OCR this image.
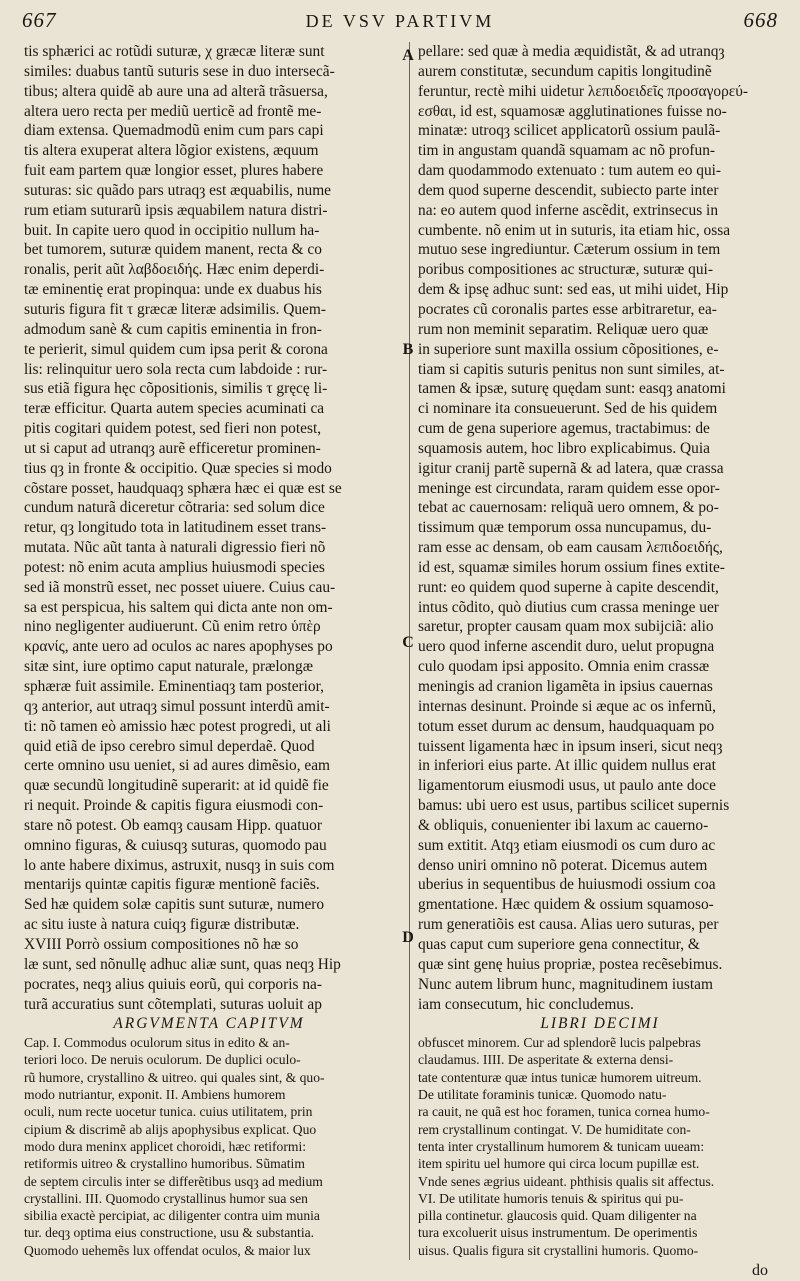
667	DE VSV PARTIVM	668
A
B
C
D
tis sphærici ac rotũdi suturæ, χ græcæ literæ sunt
similes: duabus tantũ suturis sese in duo intersecã-
tibus; altera quidẽ ab aure una ad alterã trãsuersa,
altera uero recta per mediũ uerticẽ ad frontẽ me-
diam extensa. Quemadmodũ enim cum pars capi
tis altera exuperat altera lõgior existens, æquum
fuit eam partem quæ longior esset, plures habere
suturas: sic quãdo pars utraqȝ est æquabilis, nume
rum etiam suturarũ ipsis æquabilem natura distri-
buit. In capite uero quod in occipitio nullum ha-
bet tumorem, suturæ quidem manent, recta & co
ronalis, perit aũt λαβδοειδής. Hæc enim deperdi-
tæ eminentię erat propinqua: unde ex duabus his
suturis figura fit τ græcæ literæ adsimilis. Quem-
admodum sanè & cum capitis eminentia in fron-
te perierit, simul quidem cum ipsa perit & corona
lis: relinquitur uero sola recta cum labdoide : rur-
sus etiã figura hęc cõpositionis, similis τ gręcę li-
teræ efficitur. Quarta autem species acuminati ca
pitis cogitari quidem potest, sed fieri non potest,
ut si caput ad utranqȝ aurẽ efficeretur prominen-
tius qȝ in fronte & occipitio. Quæ species si modo
cõstare posset, haudquaqȝ sphæra hæc ei quæ est se
cundum naturã diceretur cõtraria: sed solum dice
retur, qȝ longitudo tota in latitudinem esset trans-
mutata. Nũc aũt tanta à naturali digressio fieri nõ
potest: nõ enim acuta amplius huiusmodi species
sed iã monstrũ esset, nec posset uiuere. Cuius cau-
sa est perspicua, his saltem qui dicta ante non om-
nino negligenter audiuerunt. Cũ enim retro ὑπὲρ
κρανίς, ante uero ad oculos ac nares apophyses po
sitæ sint, iure optimo caput naturale, prælongæ
sphæræ fuit assimile. Eminentiaqȝ tam posterior,
qȝ anterior, aut utraqȝ simul possunt interdũ amit-
ti: nõ tamen eò amissio hæc potest progredi, ut ali
quid etiã de ipso cerebro simul deperdaẽ. Quod
certe omnino usu ueniet, si ad aures dimẽsio, eam
quæ secundũ longitudinẽ superarit: at id quidẽ fie
ri nequit. Proinde & capitis figura eiusmodi con-
stare nõ potest. Ob eamqȝ causam Hipp. quatuor
omnino figuras, & cuiusqȝ suturas, quomodo pau
lo ante habere diximus, astruxit, nusqȝ in suis com
mentarijs quintæ capitis figuræ mentionẽ faciẽs.
Sed hæ quidem solæ capitis sunt suturæ, numero
ac situ iuste à natura cuiqȝ figuræ distributæ.
XVIII Porrò ossium compositiones nõ hæ so
læ sunt, sed nõnullę adhuc aliæ sunt, quas neqȝ Hip
pocrates, neqȝ alius quiuis eorũ, qui corporis na-
turã accuratius sunt cõtemplati, suturas uoluit ap
ARGVMENTA CAPITVM
Cap. I. Commodus oculorum situs in edito & an-
teriori loco. De neruis oculorum. De duplici oculo-
rũ humore, crystallino & uitreo. qui quales sint, & quo-
modo nutriantur, exponit. II. Ambiens humorem
oculi, num recte uocetur tunica. cuius utilitatem, prin
cipium & discrimẽ ab alijs apophysibus explicat. Quo
modo dura meninx applicet choroidi, hæc retiformi:
retiformis uitreo & crystallino humoribus. Sũmatim
de septem circulis inter se differẽtibus usqȝ ad medium
crystallini. III. Quomodo crystallinus humor sua sen
sibilia exactè percipiat, ac diligenter contra uim munia
tur. deqȝ optima eius constructione, usu & substantia.
Quomodo uehemẽs lux offendat oculos, & maior lux
pellare: sed quæ à media æquidistãt, & ad utranqȝ
aurem constitutæ, secundum capitis longitudinẽ
feruntur, rectè mihi uidetur λεπιδοειδεῖς προσαγορεύ-
εσθαι, id est, squamosæ agglutinationes fuisse no-
minatæ: utroqȝ scilicet applicatorũ ossium paulã-
tim in angustam quandã squamam ac nõ profun-
dam quodammodo extenuato : tum autem eo qui-
dem quod superne descendit, subiecto parte inter
na: eo autem quod inferne ascẽdit, extrinsecus in
cumbente. nõ enim ut in suturis, ita etiam hic, ossa
mutuo sese ingrediuntur. Cæterum ossium in tem
poribus compositiones ac structuræ, suturæ qui-
dem & ipsę adhuc sunt: sed eas, ut mihi uidet, Hip
pocrates cũ coronalis partes esse arbitraretur, ea-
rum non meminit separatim. Reliquæ uero quæ
in superiore sunt maxilla ossium cõpositiones, e-
tiam si capitis suturis penitus non sunt similes, at-
tamen & ipsæ, suturę quędam sunt: easqȝ anatomi
ci nominare ita consueuerunt. Sed de his quidem
cum de gena superiore agemus, tractabimus: de
squamosis autem, hoc libro explicabimus. Quia
igitur cranij partẽ supernã & ad latera, quæ crassa
meninge est circundata, raram quidem esse opor-
tebat ac cauernosam: reliquã uero omnem, & po-
tissimum quæ temporum ossa nuncupamus, du-
ram esse ac densam, ob eam causam λεπιδοειδής,
id est, squamæ similes horum ossium fines extite-
runt: eo quidem quod superne à capite descendit,
intus cõdito, quò diutius cum crassa meninge uer
saretur, propter causam quam mox subijciã: alio
uero quod inferne ascendit duro, uelut propugna
culo quodam ipsi apposito. Omnia enim crassæ
meningis ad cranion ligamẽta in ipsius cauernas
internas desinunt. Proinde si æque ac os infernũ,
totum esset durum ac densum, haudquaquam po
tuissent ligamenta hæc in ipsum inseri, sicut neqȝ
in inferiori eius parte. At illic quidem nullus erat
ligamentorum eiusmodi usus, ut paulo ante doce
bamus: ubi uero est usus, partibus scilicet supernis
& obliquis, conuenienter ibi laxum ac cauerno-
sum extitit. Atqȝ etiam eiusmodi os cum duro ac
denso uniri omnino nõ poterat. Dicemus autem
uberius in sequentibus de huiusmodi ossium coa
gmentatione. Hæc quidem & ossium squamoso-
rum generatiõis est causa. Alias uero suturas, per
quas caput cum superiore gena connectitur, &
quæ sint genę huius propriæ, postea recẽsebimus.
Nunc autem librum hunc, magnitudinem iustam
iam consecutum, hic concludemus.
LIBRI DECIMI
obfuscet minorem. Cur ad splendorẽ lucis palpebras
claudamus. IIII. De asperitate & externa densi-
tate contenturæ quæ intus tunicæ humorem uitreum.
De utilitate foraminis tunicæ. Quomodo natu-
ra cauit, ne quã est hoc foramen, tunica cornea humo-
rem crystallinum contingat. V. De humiditate con-
tenta inter crystallinum humorem & tunicam uueam:
item spiritu uel humore qui circa locum pupillæ est.
Vnde senes ægrius uideant. phthisis qualis sit affectus.
VI. De utilitate humoris tenuis & spiritus qui pu-
pilla continetur. glaucosis quid. Quam diligenter na
tura excoluerit uisus instrumentum. De operimentis
uisus. Qualis figura sit crystallini humoris. Quomo-
do
